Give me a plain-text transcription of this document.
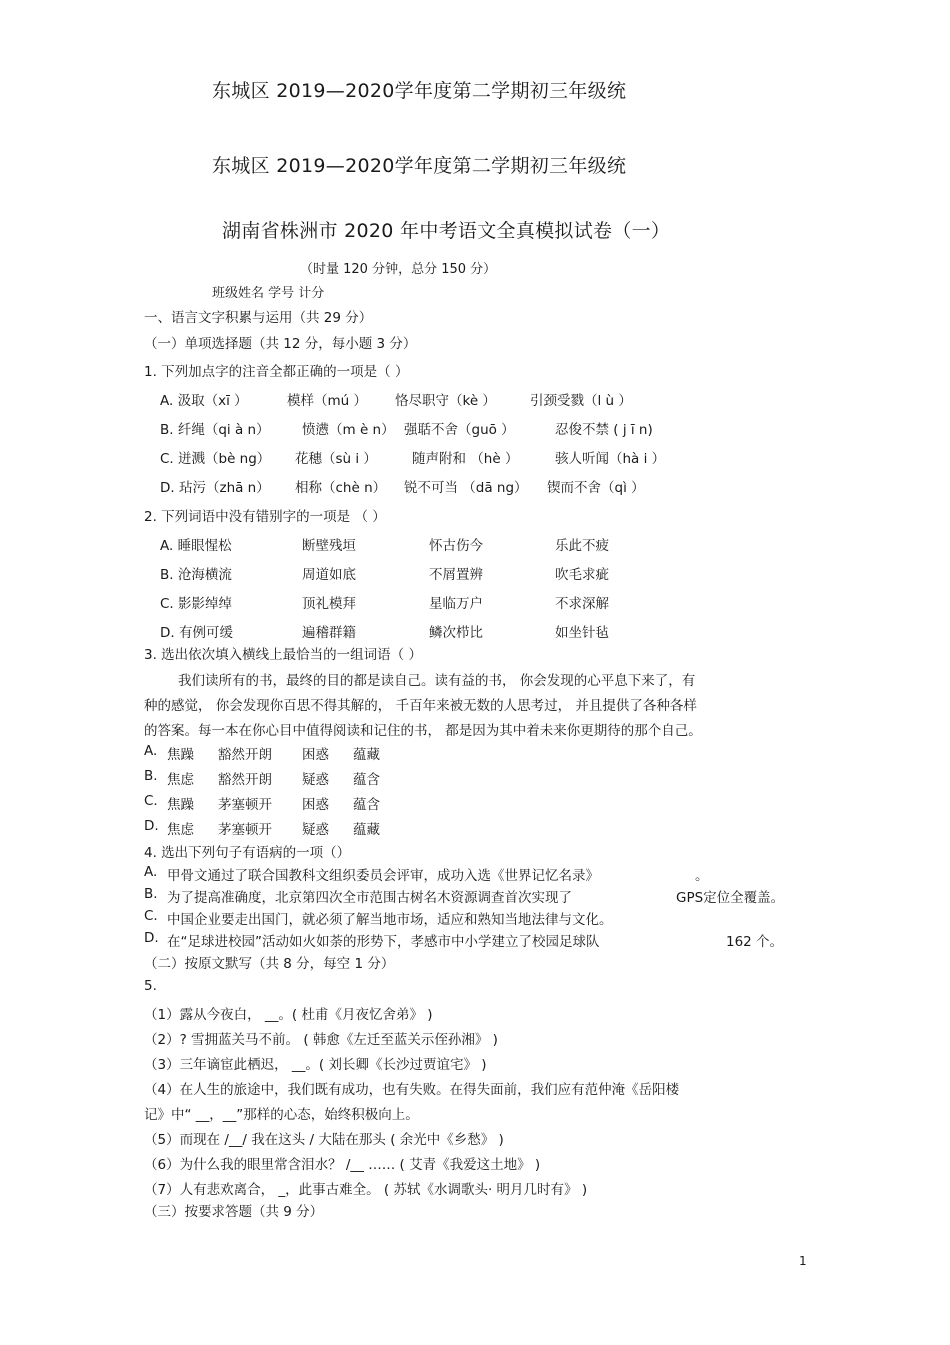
东城区 2019—2020学年度第二学期初三年级统
东城区 2019—2020学年度第二学期初三年级统
湖南省株洲市 2020 年中考语文全真模拟试卷（一）
（时量 120 分钟，总分 150 分）
班级姓名 学号 计分
一、语言文字积累与运用（共 29 分）
（一）单项选择题（共 12 分，每小题 3 分）
1. 下列加点字的注音全都正确的一项是（ ）
A. 汲取（xī ）	模样（mú ） 恪尽职守（kè ）	引颈受戮（l ù ）
B. 纤绳（qi à n） 愤懑（m è n） 强聒不舍（guō ）	忍俊不禁 ( j ī n)
C. 迸溅（bè ng） 花穗（sù i ）	随声附和 （hè ）	骇人听闻（hà i ）
D. 玷污（zhā n） 相称（chè n） 锐不可当 （dā ng） 锲而不舍（qì ）
2. 下列词语中没有错别字的一项是 （ ）
A. 睡眼惺松	断壁残垣	怀古伤今	乐此不疲
B. 沧海横流	周道如底	不屑置辨	吹毛求疵
C. 影影绰绰	顶礼模拜	星临万户	不求深解
D. 有例可缓	遍稽群籍	鳞次栉比	如坐针毡
3. 选出依次填入横线上最恰当的一组词语（ ）
我们读所有的书，最终的目的都是读自己。读有益的书， 你会发现的心平息下来了，有
种的感觉， 你会发现你百思不得其解的， 千百年来被无数的人思考过， 并且提供了各种各样
的答案。每一本在你心目中值得阅读和记住的书， 都是因为其中着未来你更期待的那个自己。
A. 焦躁 豁然开朗 困惑 蕴藏
B. 焦虑 豁然开朗 疑惑 蕴含
C. 焦躁 茅塞顿开 困惑 蕴含
D. 焦虑 茅塞顿开 疑惑 蕴藏
4. 选出下列句子有语病的一项（）
A. 甲骨文通过了联合国教科文组织委员会评审，成功入选《世界记忆名录》	。
B. 为了提高准确度，北京第四次全市范围古树名木资源调查首次实现了	GPS定位全覆盖。
C. 中国企业要走出国门，就必须了解当地市场，适应和熟知当地法律与文化。
D. 在“足球进校园”活动如火如荼的形势下，孝感市中小学建立了校园足球队	162 个。
（二）按原文默写（共 8 分，每空 1 分）
5.
（1）露从今夜白， __。( 杜甫《月夜忆舍弟》 )
（2）? 雪拥蓝关马不前。 ( 韩愈《左迁至蓝关示侄孙湘》 )
（3）三年谪宦此栖迟， __。( 刘长卿《长沙过贾谊宅》 )
（4）在人生的旅途中，我们既有成功，也有失败。在得失面前，我们应有范仲淹《岳阳楼
记》中“ __，__”那样的心态，始终积极向上。
（5）而现在 /__/ 我在这头 / 大陆在那头 ( 余光中《乡愁》 )
（6）为什么我的眼里常含泪水？ /__ …… ( 艾青《我爱这土地》 )
（7）人有悲欢离合， _，此事古难全。 ( 苏轼《水调歌头· 明月几时有》 )
（三）按要求答题（共 9 分）
1
